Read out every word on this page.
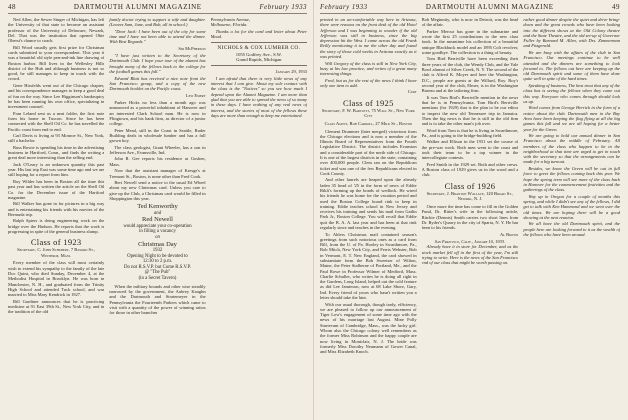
48	DARTMOUTH ALUMNI MAGAZINE	February 1933

Ned Allen, the Sewer Singer of Michigan, has left the University of that state to become an assistant professor of the University of Delaware, Newark, Del. That was the institution that opened Obie Oberst's chance to coach.

Bill Wood usually gets first prize for Christmas cards submitted to your correspondent. This year it was a beautiful old style pen-and-ink line drawing of Boston harbor. Bill lives in the Wellesley Hills district of the Hub and although business is not so good, he still manages to keep in touch with the crowd.

Gene Hirsfelds went out of the Chicago chapter, and his correspondence manages to keep a good deal of fun on the way. Since Lee Higginson's bankruptcy he has been running his own office, specializing in investment counsel.

Fran Leland sent us a neat folder, the first note from his home in Tuscon. Since he has been connected with the Shell Oil Co. he has travelled the Pacific coast from end to end.

Carl Davis is living at 93 Monroe St., New York, still a bachelor.

Russ Bowie is spending his time in the advertising business in Hartford, Conn., and finds the writing a great deal more interesting than the selling end.

Jack O'Leary is an unknown quantity this past year. His last trip East was some time ago and we are still hoping for a report from him.

Roy Wilder has been in Boston all the time this past year and has written the article on the Shell Oil Co. for the December issue of the Hartford magazine.

Bill Walker has gone in for pictures in a big way and is entertaining his friends with his movies of the Bermuda trip.

Ralph Spiers is doing engineering work on the bridge over the Hudson. He reports that the work is progressing in spite of the general business slump.

Class of 1923
Secretary, C. John Schubert, 7 Bayard St., Winthrop, Mass.

Every member of the class will most certainly wish to extend his sympathy to the family of the late Doc Quint, who died Sunday, December 4, at the Methodist Hospital in Brooklyn. He was born in Manchester, N. H., and graduated from the Trinity High School and attended Tuck school, and was married to Miss Mary Kendrick in 1927.

Bill Gardiner announces that he is practicing medicine at 91 East 39th St., New York City, and in the tradition of the old

family doctor trying to support a wife and daughter. (Leaves Sam, Jane, and Bob, all in school.)

"Dear Jack: I have been out of the city for some time and I have not been able to attend the dinner. With Best Regards."

Sid McPherson

"I have just written to the Secretary of the Dartmouth Club. I hope your tour of the alumni has brought many of the fellows back to the college for the football games this fall."

Edward Blatt has received a nice note from the San Francisco group, and a copy of the new Dartmouth booklet on the Pacific coast.

Lew Emery

Parker Hicks no less than a month ago was announced as a powerful inhabitant of Hanover and an interested Clark School man. He is now in Flingtown, and his bank firm, as director of a junior college.

Peter Mead, still in the Coast in Seattle, Ruder Building deals in wholesale lumber and has a full grown boy.

The class geologist, Grant Wheeler, has a son in Jefferson Ave., Evansville, Ind.

John R. Gee reports his residence at Goshen, Mass.

Now that the assistant manager of Kresge's at Tremont St., Boston, is none other than Fred Cook.

Bert Newell send a notice to the usual Ed Wheel about my new Christmas card. Unless you care to give up the Club, a Christmas card would be filled in Shoppington this year.

Ted Kenworthy
and
Red Newell
would appreciate your co-operation
in filling a vacancy
on
Christmas Day
1932
Opening Night to be devoted to
12:30 to 2 p.m.
Do not R.S.V.P. but Come R.S.V.P.
@ "The Pub"
(in a Secret Tavern)

When the military bounds and other wise steadily narrowed by the government, the Aubrey Kaughn and the Dartmouth and Stratemeyer in the Pennsylvania the Fourteenth Parkers which came to visit with a quantity of the power of winning ratios for those in other branches

Pennsylvania Avenue,
Melbourne, Florida.

Thanks a lot for the card and letter about Peter Mead.

NICHOLS & COX LUMBER CO.
1055 Godfrey Ave., S.W.
Grand Rapids, Michigan
January 29, 1933

I am afraid that there is very little news of any interest that I can give. About my sole contact with the class is the "Notices" so you see how much I depend upon the Alumni Magazine. I am more than glad that you are able to spread the news of so many in these days. I have nothing of any real news of interest, and the stories of most of the fellows these days are more than enough to keep me entertained.

February 1933	DARTMOUTH ALUMNI MAGAZINE	49

printed in an un-comfortable way here in Arizona, there were reasons on the front desk of the old Hotel Jefferson and I was beginning to wonder if the old Jefferson was still in business, since the big depression hit the West. I came across the old Frank Reilly mentioning it to me the other day and found the story of those cold weeks in Arizona exactly as it was printed.

Will Gregory of the class is still in New York City, busy at his law practice, and writes of a great many interesting things.

Fred, but as for the rest of the news I think I have only one item to add.

Curt
Class of 1925
Secretary, F. W. Bartlett, 75 Wall St., New York City
Class Agent, Rob Carroll, 27 Milk St., Boston

Clement Drummer (later merged) victorious from the Chicago elections and is now a member of the Illinois Board of Representatives from the Fourth Legislative District. The district includes Evanston and a considerable part of the north side of Chicago. It is one of the largest districts in the state, containing over 400,000 people. Clem ran on the Republican ticket and was one of the few Republicans elected in Cook County.

And other laurels are heaped upon the already laden 35 head of '25 in the form of news of Eddie Rikli's forming up the bonds of wedlock. He wired his friends he was home for the vacation period and used the Boston College board rink to keep in training. Eddie teaches school in New Jersey and receives his training and sends his mail from Gatlin Park Jr., Boston College. You will recall that Eddie quit the B. A. A. last year and has been at that rink regularly since and teaches in the evening.

To Ahlers Christmas mail contained season's greetings from such notorious ones as a card from Bill, from the U. of Pa. Hooley in Swarthmore, Pa., Bob Mitch, New York City, and Ferris Webster, Bob in Vermont, E. T. New England, the card showed in substantiate form the Bob Sweetser of Wilton, Maine, the Peter Stalberne of Portland, Me., and the Paul Rowe in Professor Wilmer of Medford, Mass. Charlie Schuller, who writes he is doing all right in the Gardens, Long Island, helped out the cold feature as did Lee Jamieson, now at 68 Lake Shore, Gary, Ind. Every friend of yours who hasn't written you a letter should take the hint.

With our usual thorough, though tardy, efficiency, we are pleased to follow up our announcement of Tiger Low's engagement of some time ago with the news of his marriage last August. Mine Polly Sturtevant of Cambridge, Mass., was the lucky girl. Whom also the Chicago colony well remembers as the former Miss Robinson and the happy couple are now living in Montclair, N. J. The bride was formerly Miss Dorothy Neumann of Gower Canal, and Miss Elizabeth Knoch.

Bob Meginnity, who is now in Detroit, was the head of the affair.

Parker Mercur has gone in the submarine and wrote the first 25 contributions to the new class book. In the meantime his collection of a beautiful antique Blackbuck model and an 1895 Colt revolver, some goodbye. The collection is a thing of beauty.

Tom Bird Berriville have been exceeding their three years of the club, the Wendy Club, and the Yale Bowl alumni of Silver Creek, N. Y. The second of the club is Alfred K. Moyer and here the Washington, D.C., people are guests at the Willard, Roy. Roy's second year of the club, Elmer, is in the Washington Bureau and at the tailoring firm.

It was Tom Bird's Berriville mention in the news that he is in Pennsylvania. Tom Bird's Berriville mentions (for 1929) that is the plan to be our editor to inspect the new old Tennessee trip in Jamaica. Then the big news is that he is still in the old firm and is to take the other man's job over.

Word from Tom is that he is living in Swarthmore, Pa., and is going to the bridge-building field.

Walker and Ellison in the 1931 set the course of the pre-war work. Both men went to the coast and took their team to be a top winner in the intercollegiate contests.

Fred Smith in the 1929 set. Both and other crews. A Boston class of 1929 gives us in the wood and a club.

Class of 1926
Secretary, J. Branton Wallace, 120 Broad St., Newark, N. J.

Once more the time has come to fill in the Golden Fund, Dr. Ritter's wife in the following article, Ritchie (Dennis) Smith carries two short lines from Dr. Ryder's Quarry in the city of Sparta, N. Y. He has been to his friends.

Al Brown
San Francisco, Calif., January 10, 1933.

Already have it in store for December, and as the stock market fell off in the first of the year, I'm still trying to write. Here is the news of the San Francisco end of our class that might be worth passing on.

rather good dinner despite the quiet and drive bring-down and the great crowds who have been looking into the different shows at the Old Colony theatre and the State Theatre, and the old set-up of Governor Fuller by Barnard M. Allen, with Drs. Zimmerman and Fitzgerald.

We are busy with the affairs of the club in San Francisco. Our meetings continue to be well attended and the dinners are something to look forward to. The fellows out here are keeping up the old Dartmouth spirit and some of them have done quite well in spite of the hard times.

Speaking of business, The best treat that any of the class has is seeing the fellows when they come out this way. Everyone who comes through should look us up.

Word comes from George Herrick in the form of a notice about the club. Dartmouth men in the Bay Area have been keeping the flag flying at all the big games this fall and we are all hoping for a better year for the Green.

We are going to hold our annual dinner in San Francisco about the middle of February. All members of the class who happen to be in the neighborhood at that time are urged to get in touch with the secretary so that the arrangements can be made for a big turnout.

Besides, we know the Green will be out in full force to greet the fellows coming back this year. We hope the spring term will see more of the class back in Hanover for the commencement festivities and the gatherings of the class.

Way up in Oregon for a couple of months this spring, and while I didn't see any of the fellows, I did get to talk with Ken Hammond and we went over the old times. We are hoping there will be a good showing at the next reunion.

We all have the old Dartmouth spirit, and the people here are looking forward to it as the wealth of the fellows who have been around.
